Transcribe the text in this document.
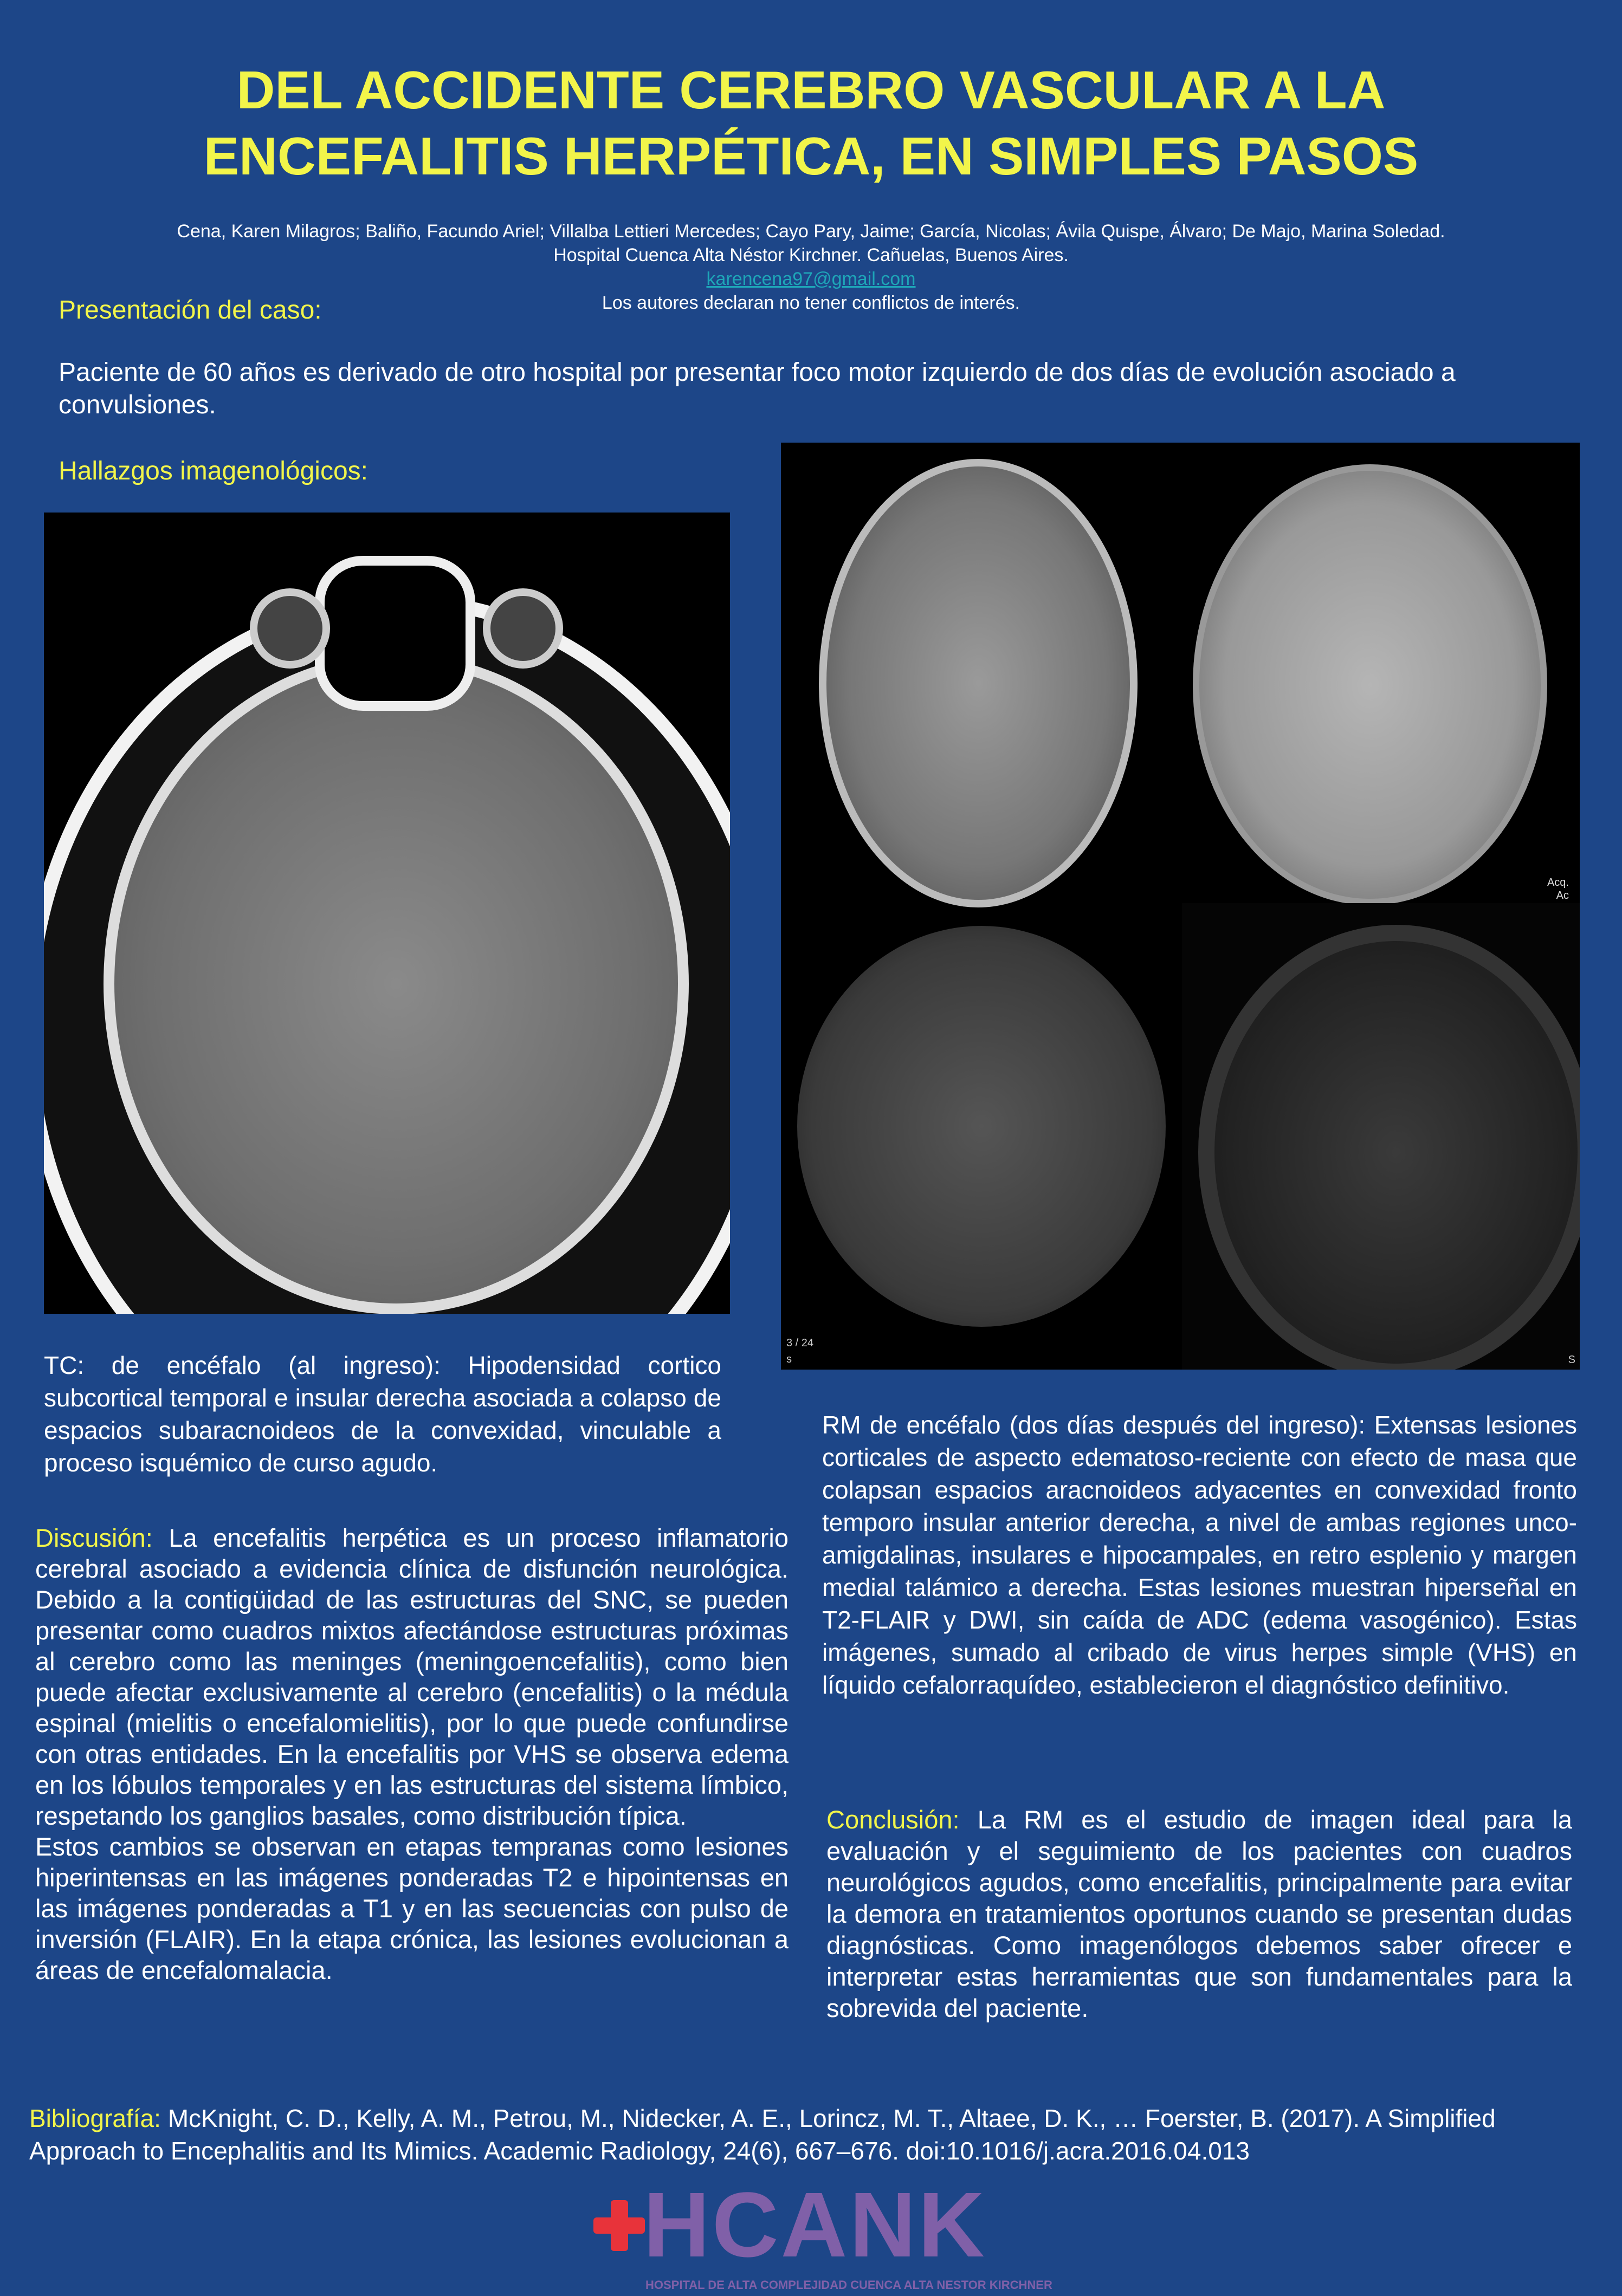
DEL ACCIDENTE CEREBRO VASCULAR A LA
ENCEFALITIS HERPÉTICA, EN SIMPLES PASOS
Cena, Karen Milagros; Baliño, Facundo Ariel; Villalba Lettieri Mercedes; Cayo Pary, Jaime; García, Nicolas; Ávila Quispe, Álvaro; De Majo, Marina Soledad.
Hospital Cuenca Alta Néstor Kirchner. Cañuelas, Buenos Aires.
karencena97@gmail.com
Los autores declaran no tener conflictos de interés.
Presentación del caso:
Paciente de 60 años es derivado de otro hospital por presentar foco motor izquierdo de dos días de evolución asociado a convulsiones.
Hallazgos imagenológicos:
3 / 24
s
Acq.
Ac
S
TC: de encéfalo (al ingreso): Hipodensidad cortico subcortical temporal e insular derecha asociada a colapso de espacios subaracnoideos de la convexidad, vinculable a proceso isquémico de curso agudo.
RM de encéfalo (dos días después del ingreso): Extensas lesiones corticales de aspecto edematoso-reciente con efecto de masa que colapsan espacios aracnoideos adyacentes en convexidad fronto temporo insular anterior derecha, a nivel de ambas regiones unco-amigdalinas, insulares e hipocampales, en retro esplenio y margen medial talámico a derecha. Estas lesiones muestran hiperseñal en T2-FLAIR y DWI, sin caída de ADC (edema vasogénico). Estas imágenes, sumado al cribado de virus herpes simple (VHS) en líquido cefalorraquídeo, establecieron el diagnóstico definitivo.
Discusión: La encefalitis herpética es un proceso inflamatorio cerebral asociado a evidencia clínica de disfunción neurológica. Debido a la contigüidad de las estructuras del SNC, se pueden presentar como cuadros mixtos afectándose estructuras próximas al cerebro como las meninges (meningoencefalitis), como bien puede afectar exclusivamente al cerebro (encefalitis) o la médula espinal (mielitis o encefalomielitis), por lo que puede confundirse con otras entidades. En la encefalitis por VHS se observa edema en los lóbulos temporales y en las estructuras del sistema límbico, respetando los ganglios basales, como distribución típica.
Estos cambios se observan en etapas tempranas como lesiones hiperintensas en las imágenes ponderadas T2 e hipointensas en las imágenes ponderadas a T1 y en las secuencias con pulso de inversión (FLAIR). En la etapa crónica, las lesiones evolucionan a áreas de encefalomalacia.
Conclusión: La RM es el estudio de imagen ideal para la evaluación y el seguimiento de los pacientes con cuadros neurológicos agudos, como encefalitis, principalmente para evitar la demora en tratamientos oportunos cuando se presentan dudas diagnósticas. Como imagenólogos debemos saber ofrecer e interpretar estas herramientas que son fundamentales para la sobrevida del paciente.
Bibliografía: McKnight, C. D., Kelly, A. M., Petrou, M., Nidecker, A. E., Lorincz, M. T., Altaee, D. K., … Foerster, B. (2017). A Simplified Approach to Encephalitis and Its Mimics. Academic Radiology, 24(6), 667–676. doi:10.1016/j.acra.2016.04.013
HCANK
HOSPITAL DE ALTA COMPLEJIDAD CUENCA ALTA NESTOR KIRCHNER
